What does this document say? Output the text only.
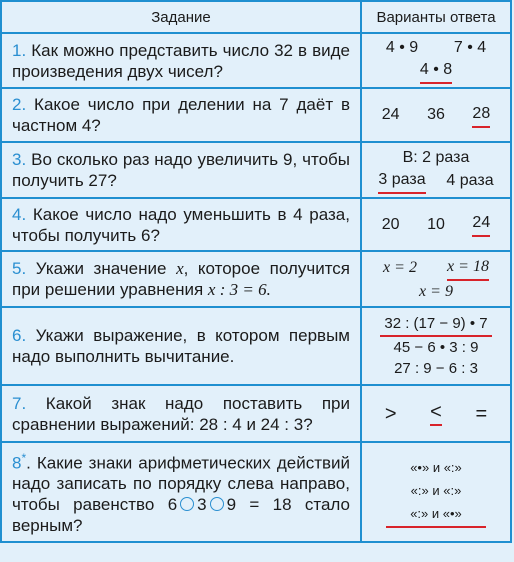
Задание	Варианты ответа
1. Как можно представить число 32 в виде произведения двух чисел?	4 • 9 7 • 4
4 • 8

2. Какое число при делении на 7 даёт в частном 4?	24 36 28

3. Во сколько раз надо увеличить 9, чтобы получить 27?	В: 2 раза
3 раза 4 раза

4. Какое число надо уменьшить в 4 раза, чтобы получить 6?	20 10 24

5. Укажи значение x, которое получится при решении уравнения x : 3 = 6.	x = 2 x = 18
x = 9

6. Укажи выражение, в котором первым надо выполнить вычитание.	32 : (17 − 9) • 7
45 − 6 • 3 : 9
27 : 9 − 6 : 3

7. Какой знак надо поставить при сравнении выражений: 28 : 4 и 24 : 3?	> < =

8*. Какие знаки арифметических действий надо записать по порядку слева направо, чтобы равенство 6 3 9 = 18 стало верным?	«•» и «:»
«:» и «:»
«:» и «•»
